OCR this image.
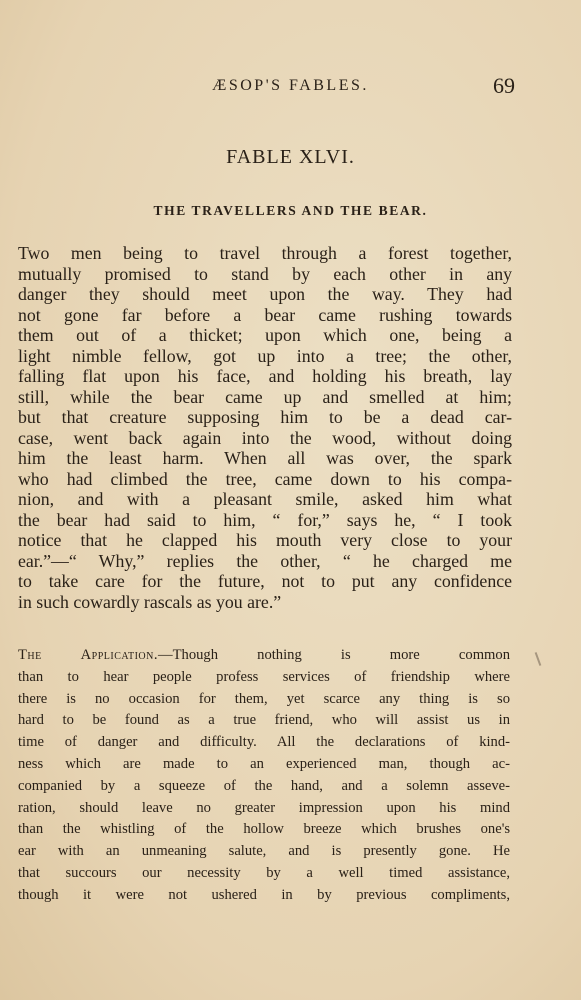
ÆSOP'S FABLES.	69
FABLE XLVI.
THE TRAVELLERS AND THE BEAR.
Two men being to travel through a forest together,
mutually promised to stand by each other in any
danger they should meet upon the way. They had
not gone far before a bear came rushing towards
them out of a thicket; upon which one, being a
light nimble fellow, got up into a tree; the other,
falling flat upon his face, and holding his breath, lay
still, while the bear came up and smelled at him;
but that creature supposing him to be a dead car-
case, went back again into the wood, without doing
him the least harm. When all was over, the spark
who had climbed the tree, came down to his compa-
nion, and with a pleasant smile, asked him what
the bear had said to him, “ for,” says he, “ I took
notice that he clapped his mouth very close to your
ear.”—“ Why,” replies the other, “ he charged me
to take care for the future, not to put any confidence
in such cowardly rascals as you are.”
The Application.—Though nothing is more common
than to hear people profess services of friendship where
there is no occasion for them, yet scarce any thing is so
hard to be found as a true friend, who will assist us in
time of danger and difficulty. All the declarations of kind-
ness which are made to an experienced man, though ac-
companied by a squeeze of the hand, and a solemn asseve-
ration, should leave no greater impression upon his mind
than the whistling of the hollow breeze which brushes one's
ear with an unmeaning salute, and is presently gone. He
that succours our necessity by a well timed assistance,
though it were not ushered in by previous compliments,
